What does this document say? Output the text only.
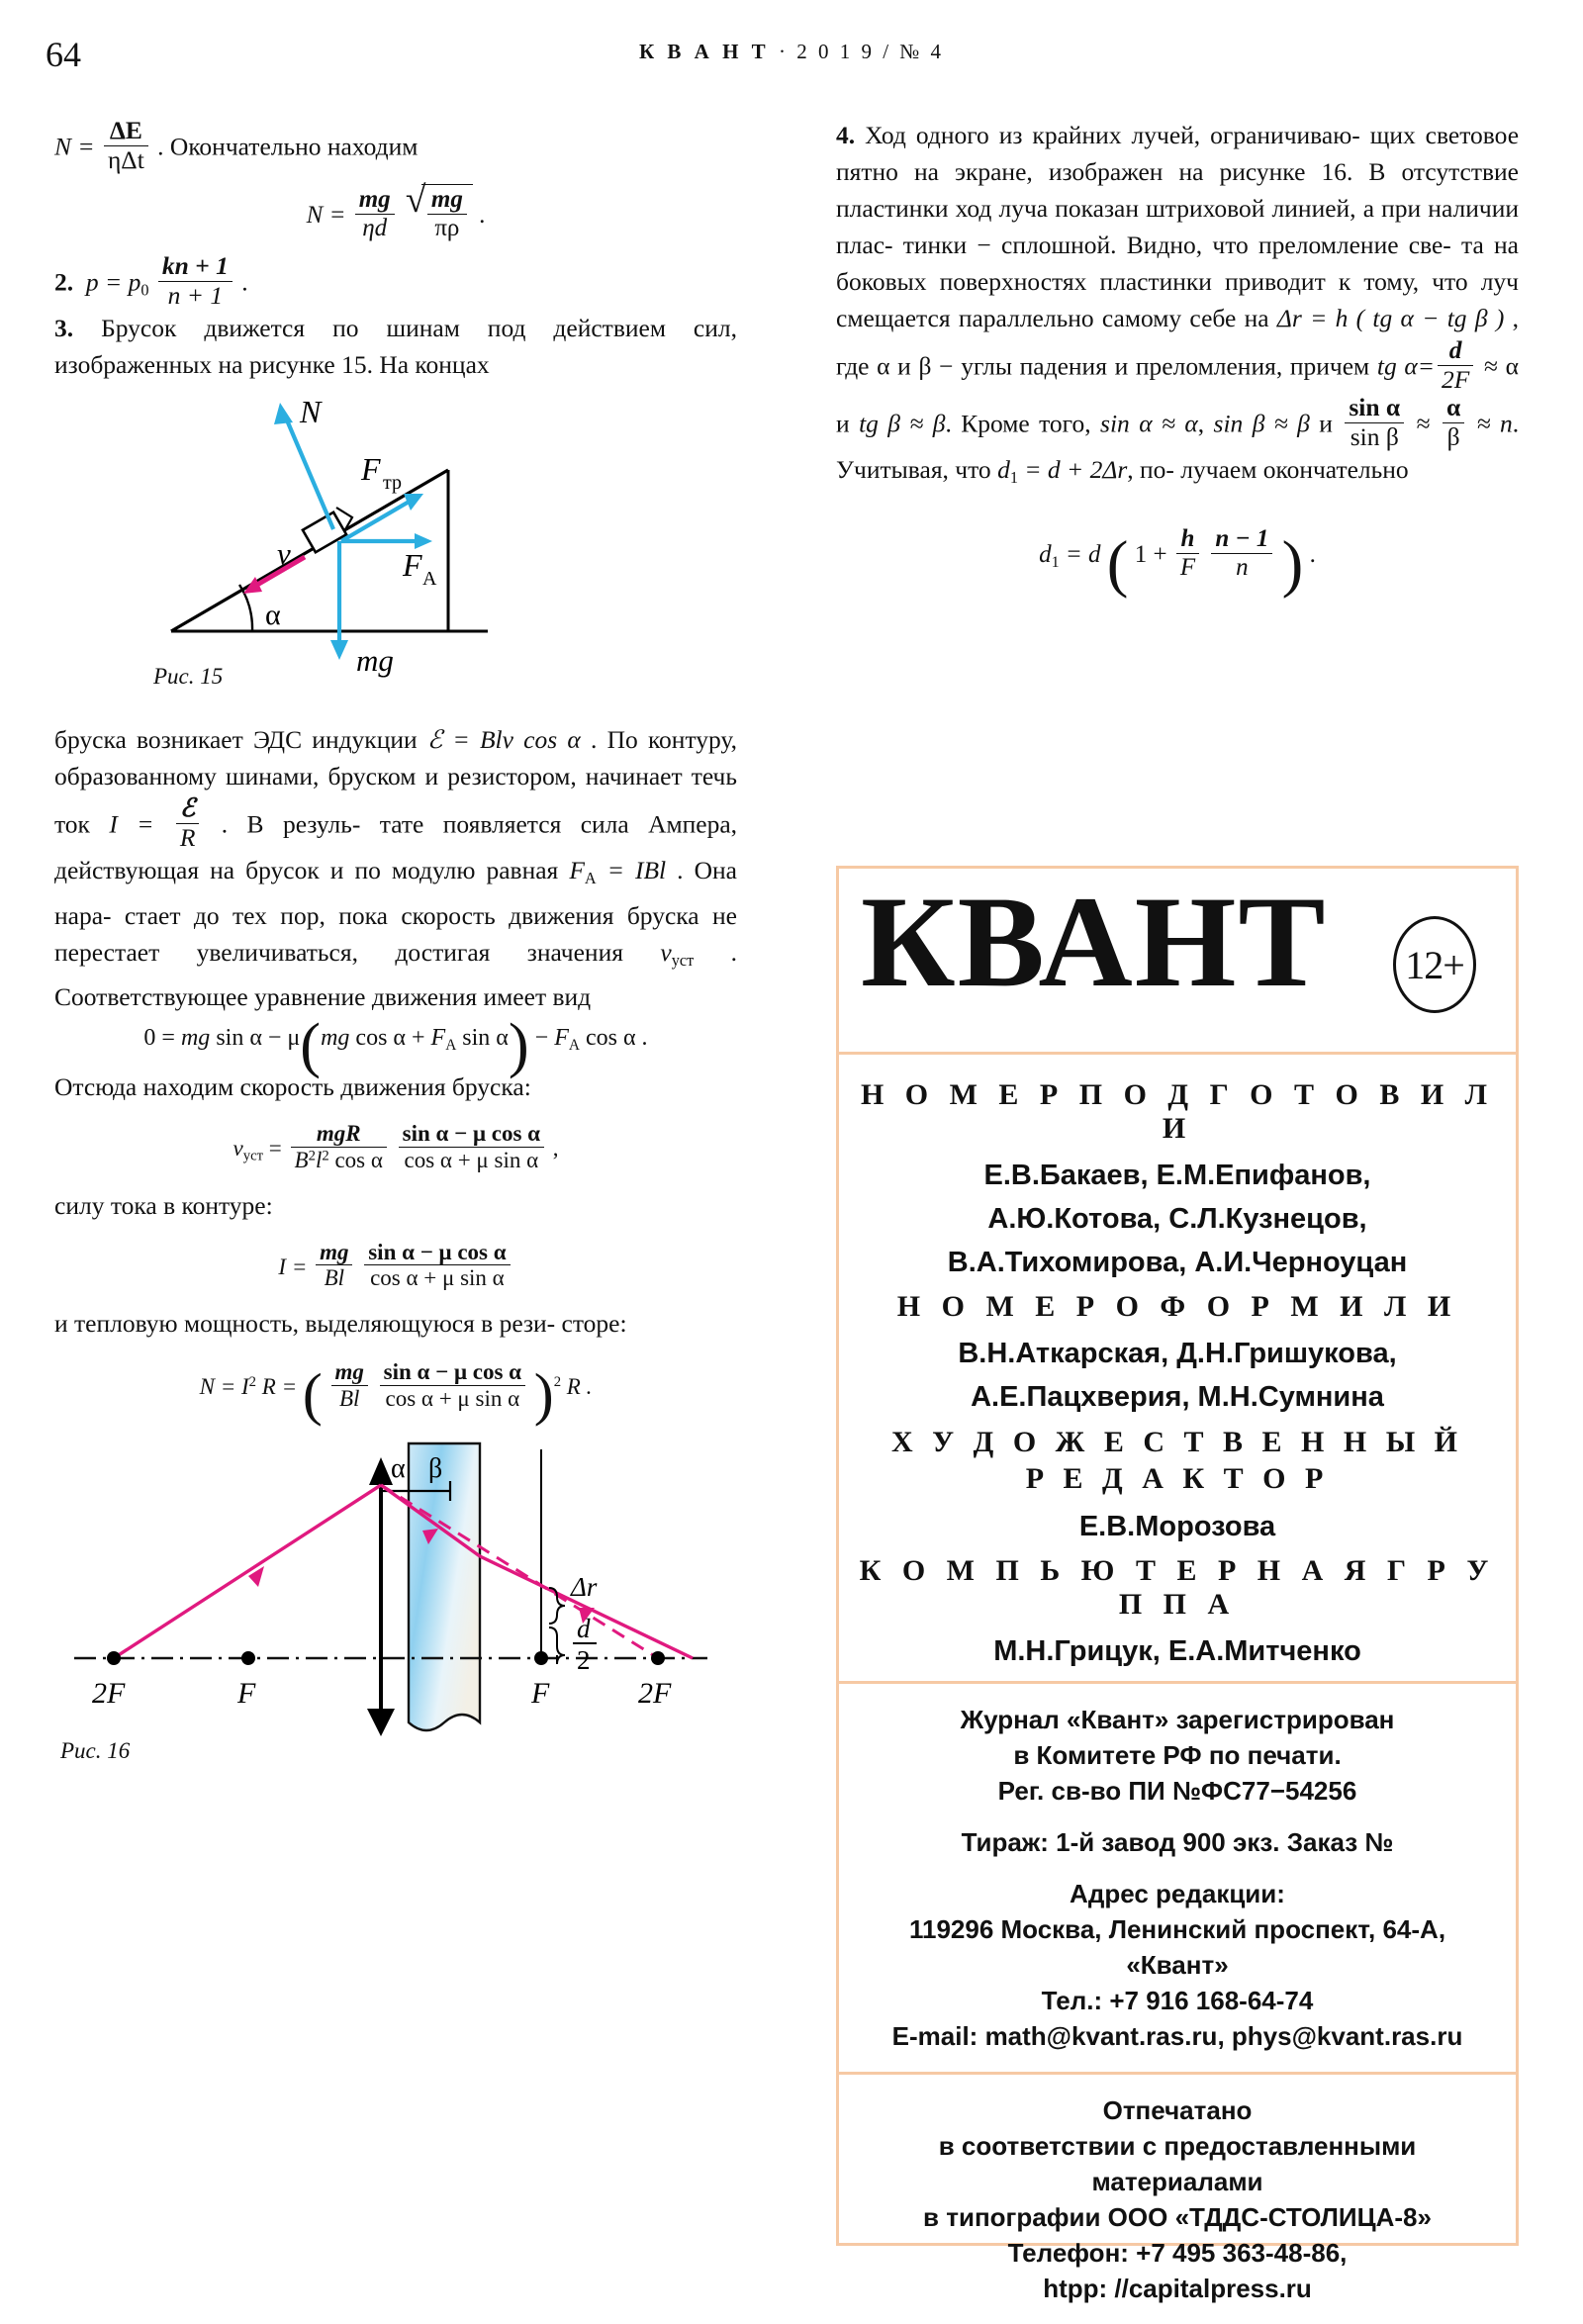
64	К В А Н Т · 2 0 1 9 / № 4

$N = \frac{\Delta E}{\text{ηΔt}}$ . Окончательно находим

$N = \frac{mg}{\eta d}$
√ $\frac{mg}{\pi\rho}$ .

2. $p = p_0 \frac{kn + 1}{n + 1}$ .

3. Брусок движется по шинам под действием сил, изображенных на рисунке 15. На концах

N
F тр
F A
v
α
mg
Рис. 15

бруска возникает ЭДС индукции ℰ = Blv cos α . По контуру, образованному шинами, бруском и резистором, начинает течь ток $I = \frac{\text{ℰ}}{R}$ . В резуль- тате появляется сила Ампера, действующая на брусок и по модулю равная $F_A$ = IBl . Она нара- стает до тех пор, пока скорость движения бруска не перестает увеличиваться, достигая значения $v_{уст}$ . Соответствующее уравнение движения имеет вид

0 = mg sin α − μ(mg $\cos \alpha + F_A$ $\sin \alpha) - F_A$ cos α .

Отсюда находим скорость движения бруска:

$v_{уст} = \frac{\text{mgR}}{B^2l^2 \cos \alpha}$
$\frac{\text{sin α − μ cos α}}{\text{cos α + μ sin α}}$ ,

силу тока в контуре:

$I = \frac{mg}{Bl}$
$\frac{\text{sin α − μ cos α}}{\text{cos α + μ sin α}}$

и тепловую мощность, выделяющуюся в рези- сторе:

$N = I^2$ R = ( $\frac{mg}{Bl}$
$\frac{\text{sin α − μ cos α}}{\text{cos α + μ sin α}} )^2$ R .
α β
Δr
d
2
2F	F	F	2F
Рис. 16

4. Ход одного из крайних лучей, ограничиваю- щих световое пятно на экране, изображен на рисунке 16. В отсутствие пластинки ход луча показан штриховой линией, а при наличии плас- тинки − сплошной. Видно, что преломление све- та на боковых поверхностях пластинки приводит к тому, что луч смещается параллельно самому себе на Δr = h ( tg α − tg β ) , где α и β − углы падения и преломления, причем tg $\alpha= \frac{d}{2F} \approx \alpha$ и tg β ≈ β. Кроме того, sin α ≈ α, sin β ≈ β и $\frac{\text{sin α}}{\text{sin β}} \approx \frac{\alpha}{\beta} \approx n$. Учитывая, что $d_1 = d + 2\Delta r$, по- лучаем окончательно

$d_1 = d$ ( $1 + \frac{h}{F}$
$\frac{n - 1}{n}$ ) .
КВАНТ	12+
Н О М Е Р П О Д Г О Т О В И Л И
Е.В.Бакаев, Е.М.Епифанов,
А.Ю.Котова, С.Л.Кузнецов,
В.А.Тихомирова, А.И.Черноуцан
Н О М Е Р О Ф О Р М И Л И
В.Н.Аткарская, Д.Н.Гришукова,
А.Е.Пацхверия, М.Н.Сумнина
Х У Д О Ж Е С Т В Е Н Н Ы Й
Р Е Д А К Т О Р
Е.В.Морозова
К О М П Ь Ю Т Е Р Н А Я Г Р У П П А
М.Н.Грицук, Е.А.Митченко
Журнал «Квант» зарегистрирован
в Комитете РФ по печати.
Рег. св-во ПИ №ФС77−54256
Тираж: 1-й завод 900 экз. Заказ №
Адрес редакции:
119296 Москва, Ленинский проспект, 64-А,
«Квант»
Тел.: +7 916 168-64-74
E-mail: math@kvant.ras.ru, phys@kvant.ras.ru
Отпечатано
в соответствии с предоставленными
материалами
в типографии ООО «ТДДС-СТОЛИЦА-8»
Телефон: +7 495 363-48-86,
htpp: //capitalpress.ru
